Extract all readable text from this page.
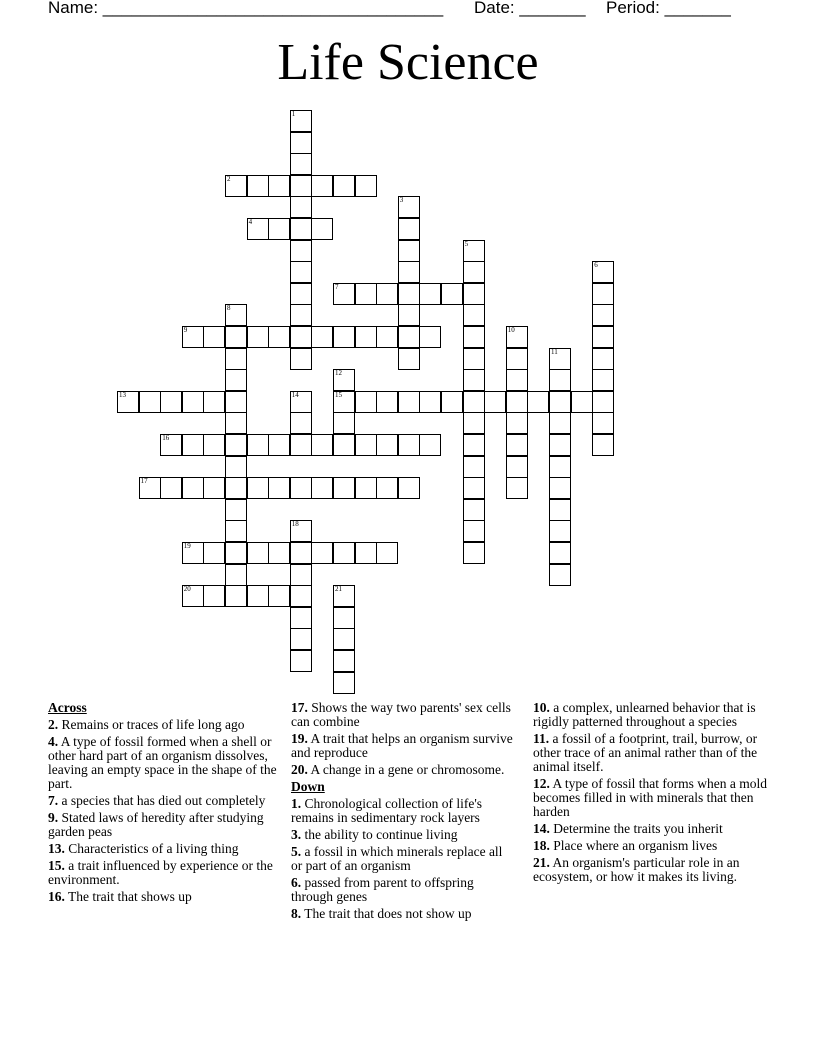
Name: ____________________________________ Date: _______ Period: _______
Life Science
2
4
7
9
13	15
16
17
19
20
1
3
5
6
8
10
11
12
14
18
21
Across
2. Remains or traces of life long ago
4. A type of fossil formed when a shell or other hard part of an organism dissolves, leaving an empty space in the shape of the part.
7. a species that has died out completely
9. Stated laws of heredity after studying garden peas
13. Characteristics of a living thing
15. a trait influenced by experience or the environment.
16. The trait that shows up
17. Shows the way two parents' sex cells can combine
19. A trait that helps an organism survive and reproduce
20. A change in a gene or chromosome.
Down
1. Chronological collection of life's remains in sedimentary rock layers
3. the ability to continue living
5. a fossil in which minerals replace all or part of an organism
6. passed from parent to offspring through genes
8. The trait that does not show up
10. a complex, unlearned behavior that is rigidly patterned throughout a species
11. a fossil of a footprint, trail, burrow, or other trace of an animal rather than of the animal itself.
12. A type of fossil that forms when a mold becomes filled in with minerals that then harden
14. Determine the traits you inherit
18. Place where an organism lives
21. An organism's particular role in an ecosystem, or how it makes its living.
